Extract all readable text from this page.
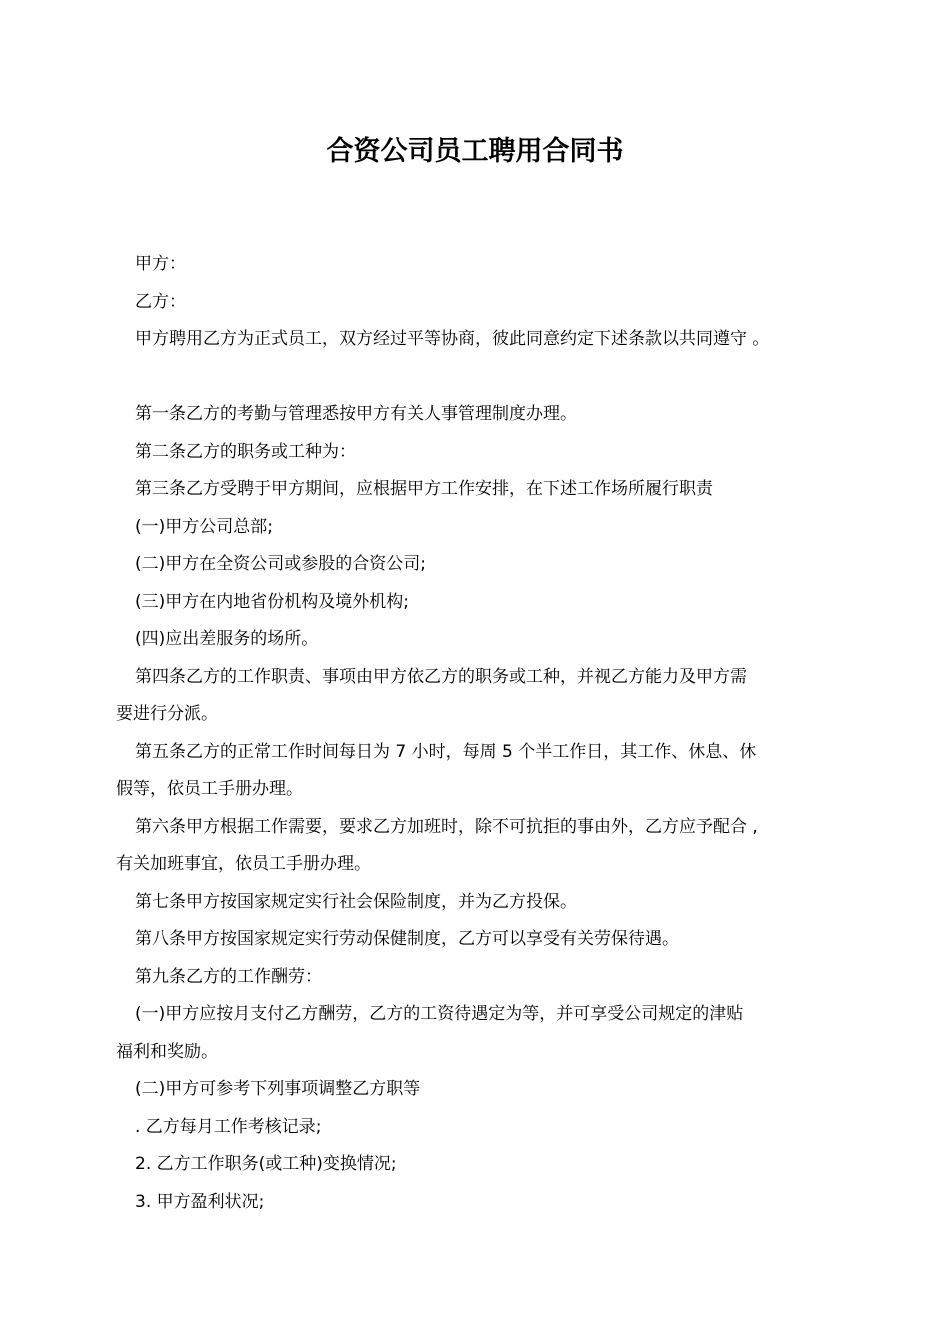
合资公司员工聘用合同书

甲方：

乙方：

甲方聘用乙方为正式员工，双方经过平等协商，彼此同意约定下述条款以共同遵守 。

第一条乙方的考勤与管理悉按甲方有关人事管理制度办理。

第二条乙方的职务或工种为：

第三条乙方受聘于甲方期间，应根据甲方工作安排，在下述工作场所履行职责

(一)甲方公司总部;

(二)甲方在全资公司或参股的合资公司;

(三)甲方在内地省份机构及境外机构;

(四)应出差服务的场所。

第四条乙方的工作职责、事项由甲方依乙方的职务或工种，并视乙方能力及甲方需

要进行分派。

第五条乙方的正常工作时间每日为 7 小时，每周 5 个半工作日，其工作、休息、休

假等，依员工手册办理。

第六条甲方根据工作需要，要求乙方加班时，除不可抗拒的事由外，乙方应予配合 ,

有关加班事宜，依员工手册办理。

第七条甲方按国家规定实行社会保险制度，并为乙方投保。

第八条甲方按国家规定实行劳动保健制度，乙方可以享受有关劳保待遇。

第九条乙方的工作酬劳：

(一)甲方应按月支付乙方酬劳，乙方的工资待遇定为等，并可享受公司规定的津贴

福利和奖励。

(二)甲方可参考下列事项调整乙方职等

. 乙方每月工作考核记录;

2. 乙方工作职务(或工种)变换情况;

3. 甲方盈利状况;
